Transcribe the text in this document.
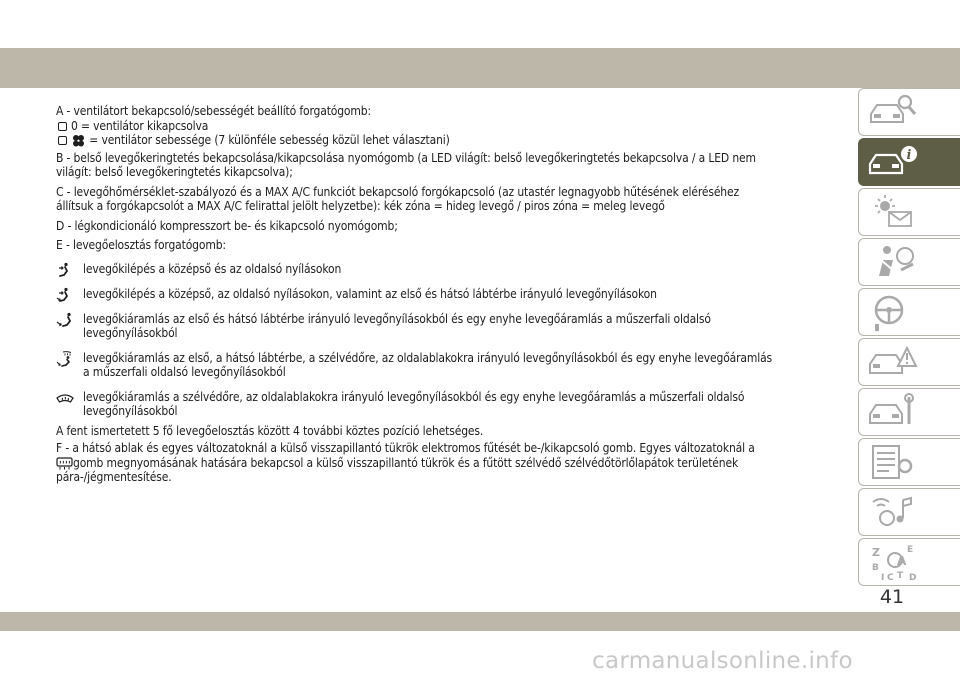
A - ventilátort bekapcsoló/sebességét beállító forgatógomb:

0 = ventilátor kikapcsolva

= ventilátor sebessége (7 különféle sebesség közül lehet választani)

B - belső levegőkeringtetés bekapcsolása/kikapcsolása nyomógomb (a LED világít: belső levegőkeringtetés bekapcsolva / a LED nem

világít: belső levegőkeringtetés kikapcsolva);

C - levegőhőmérséklet-szabályozó és a MAX A/C funkciót bekapcsoló forgókapcsoló (az utastér legnagyobb hűtésének eléréséhez

állítsuk a forgókapcsolót a MAX A/C felirattal jelölt helyzetbe): kék zóna = hideg levegő / piros zóna = meleg levegő

D - légkondicionáló kompresszort be- és kikapcsoló nyomógomb;

E - levegőelosztás forgatógomb:

levegőkilépés a középső és az oldalsó nyílásokon

levegőkilépés a középső, az oldalsó nyílásokon, valamint az első és hátsó lábtérbe irányuló levegőnyílásokon

levegőkiáramlás az első és hátsó lábtérbe irányuló levegőnyílásokból és egy enyhe levegőáramlás a műszerfali oldalsó

levegőnyílásokból

levegőkiáramlás az első, a hátsó lábtérbe, a szélvédőre, az oldalablakokra irányuló levegőnyílásokból és egy enyhe levegőáramlás

a műszerfali oldalsó levegőnyílásokból

levegőkiáramlás a szélvédőre, az oldalablakokra irányuló levegőnyílásokból és egy enyhe levegőáramlás a műszerfali oldalsó

levegőnyílásokból

A fent ismertetett 5 fő levegőelosztás között 4 további köztes pozíció lehetséges.

F - a hátsó ablak és egyes változatoknál a külső visszapillantó tükrök elektromos fűtését be-/kikapcsoló gomb. Egyes változatoknál a

gomb megnyomásának hatására bekapcsol a külső visszapillantó tükrök és a fűtött szélvédő szélvédőtörlőlapátok területének

pára-/jégmentesítése.

i
Z
B
I C T
E
D
A
41
carmanualsonline.info
